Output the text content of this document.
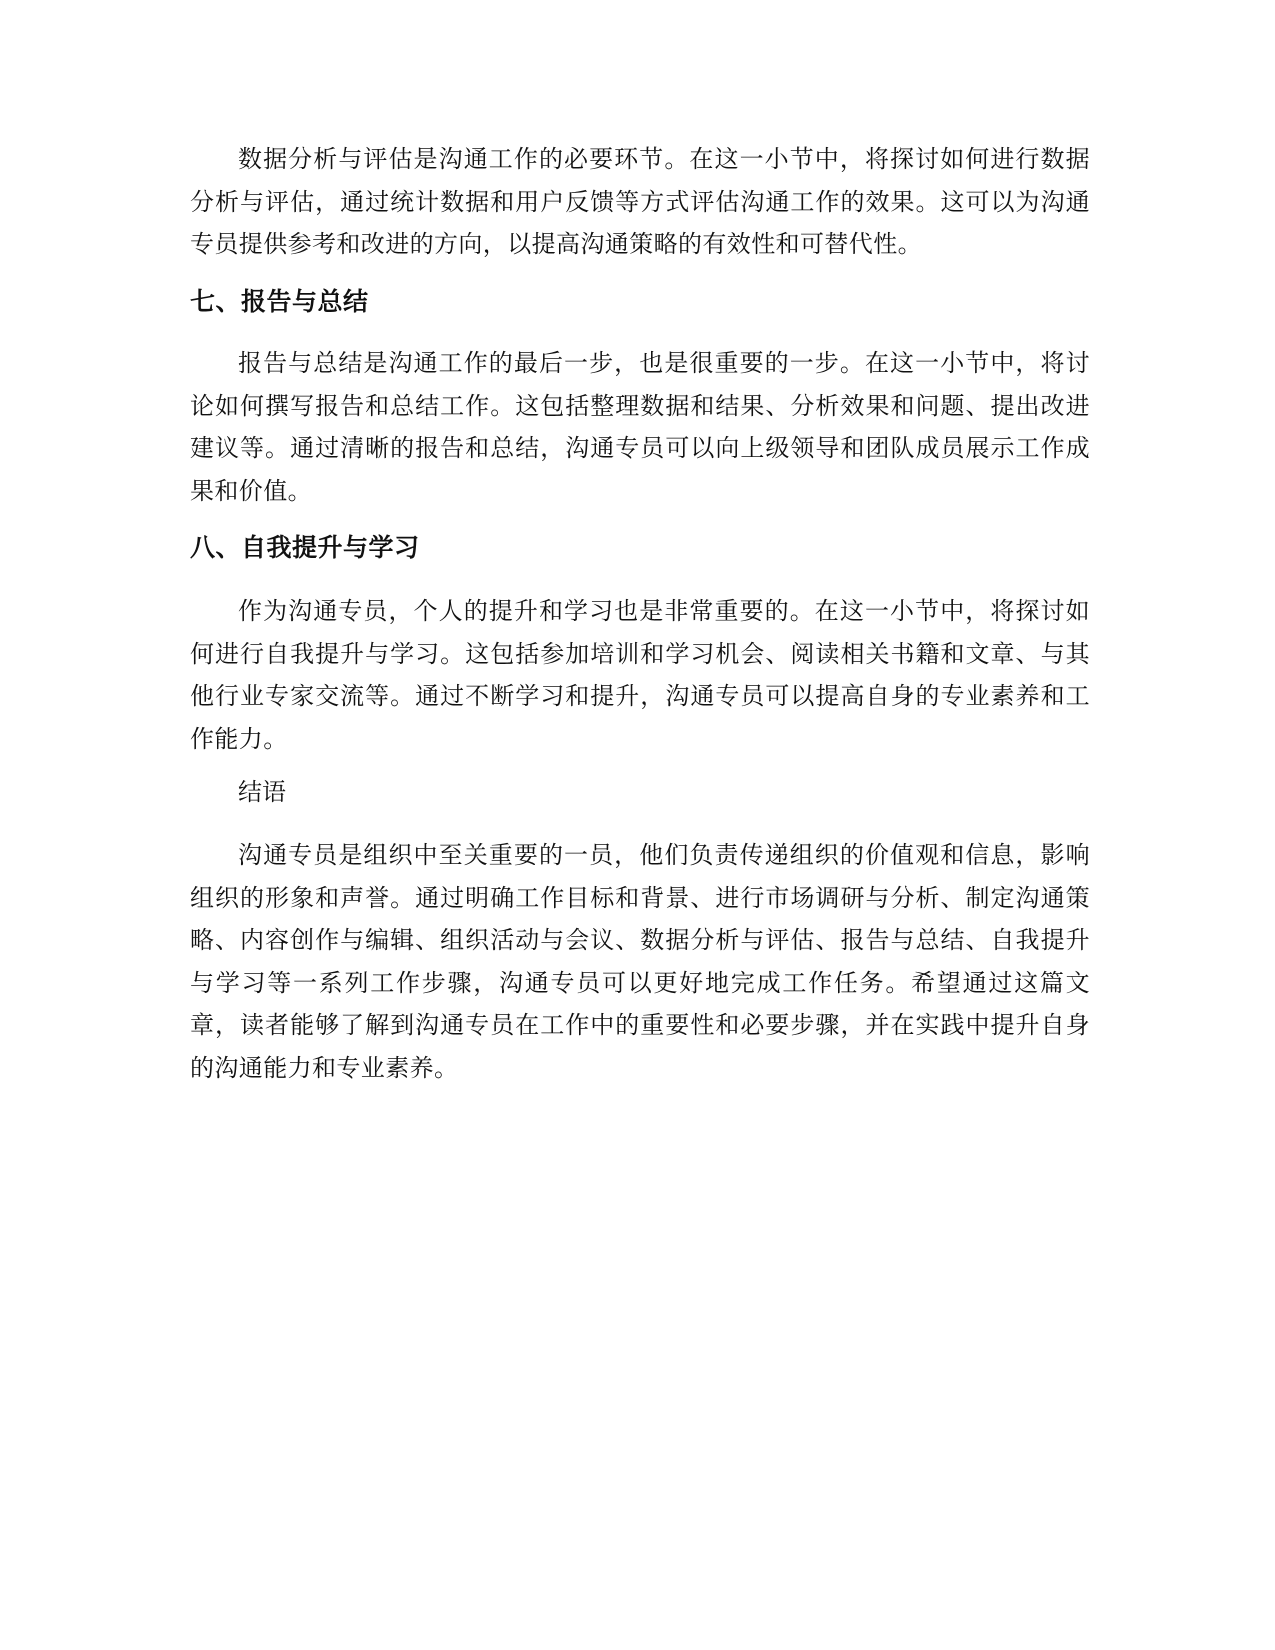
数据分析与评估是沟通工作的必要环节。在这一小节中，将探讨如何进行数据分析与评估，通过统计数据和用户反馈等方式评估沟通工作的效果。这可以为沟通专员提供参考和改进的方向，以提高沟通策略的有效性和可替代性。
七、报告与总结
报告与总结是沟通工作的最后一步，也是很重要的一步。在这一小节中，将讨论如何撰写报告和总结工作。这包括整理数据和结果、分析效果和问题、提出改进建议等。通过清晰的报告和总结，沟通专员可以向上级领导和团队成员展示工作成果和价值。
八、自我提升与学习
作为沟通专员，个人的提升和学习也是非常重要的。在这一小节中，将探讨如何进行自我提升与学习。这包括参加培训和学习机会、阅读相关书籍和文章、与其他行业专家交流等。通过不断学习和提升，沟通专员可以提高自身的专业素养和工作能力。
结语
沟通专员是组织中至关重要的一员，他们负责传递组织的价值观和信息，影响组织的形象和声誉。通过明确工作目标和背景、进行市场调研与分析、制定沟通策略、内容创作与编辑、组织活动与会议、数据分析与评估、报告与总结、自我提升与学习等一系列工作步骤，沟通专员可以更好地完成工作任务。希望通过这篇文章，读者能够了解到沟通专员在工作中的重要性和必要步骤，并在实践中提升自身的沟通能力和专业素养。
